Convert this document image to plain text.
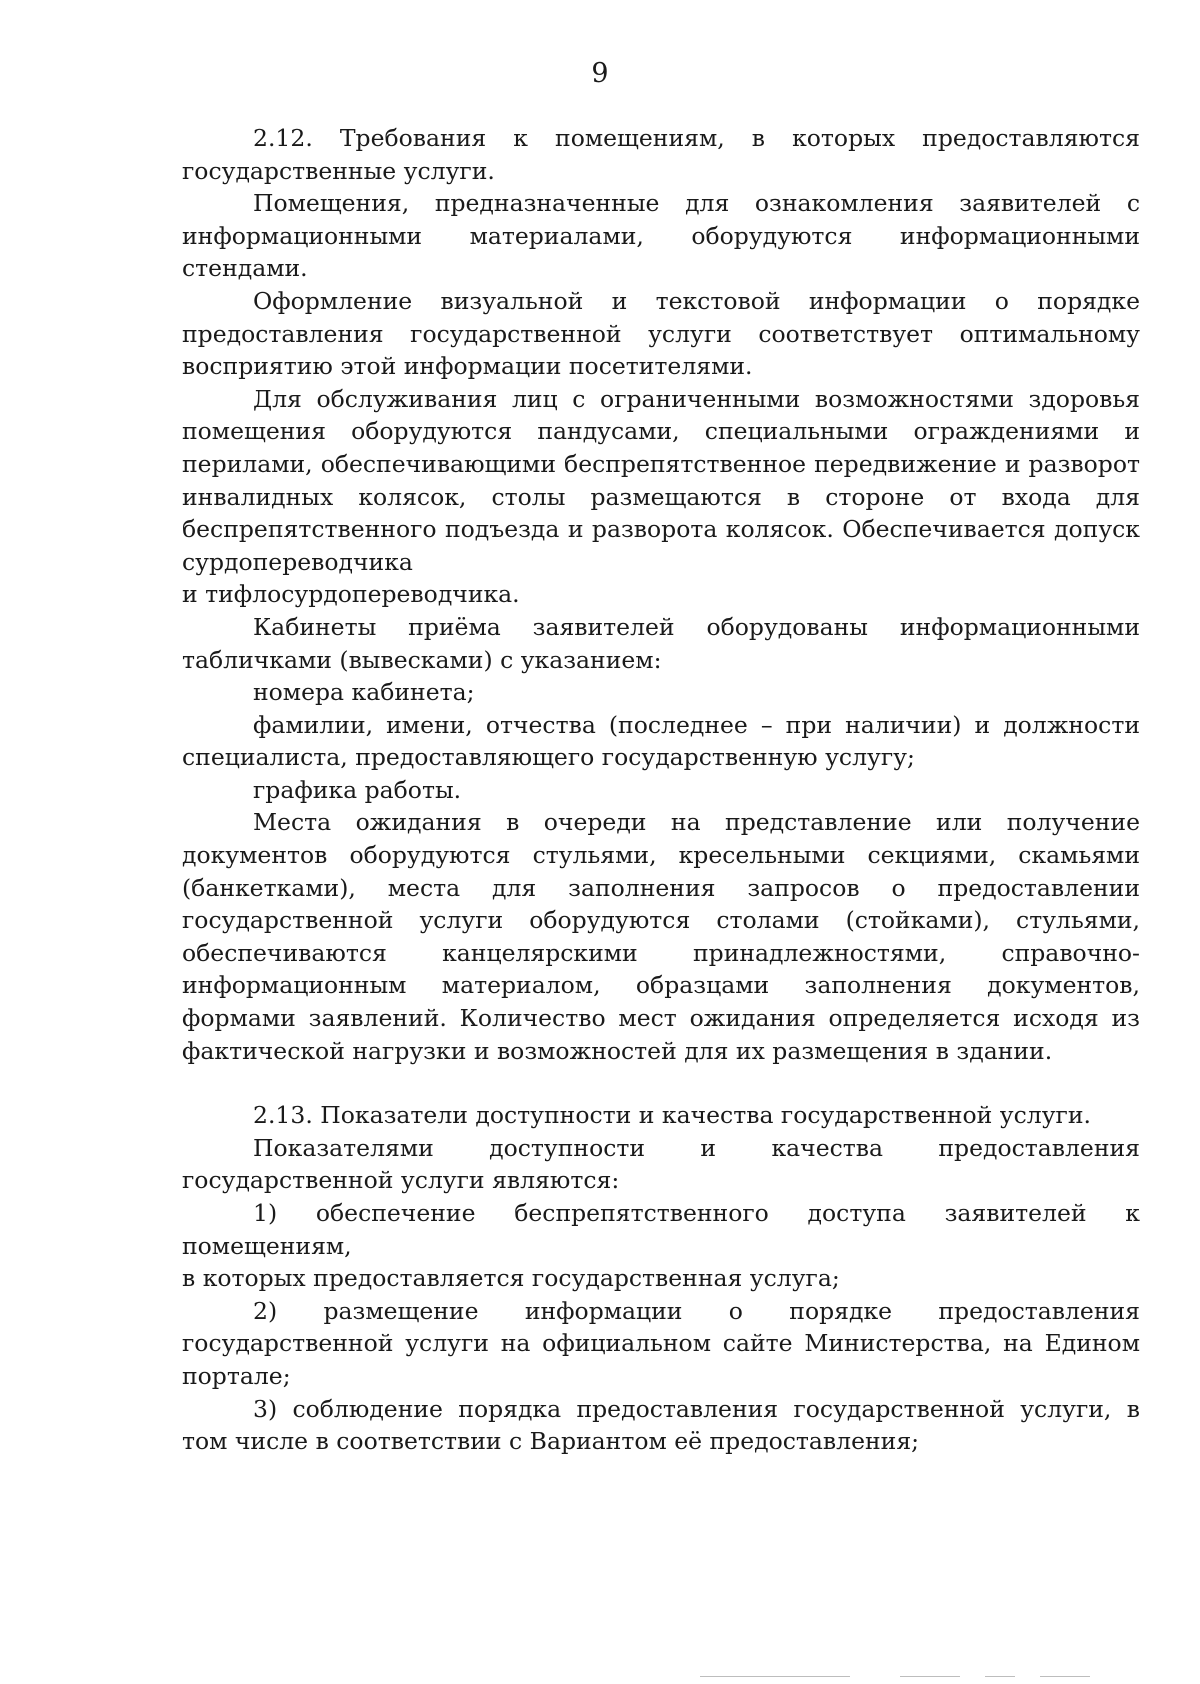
9

2.12. Требования к помещениям, в которых предоставляются государственные услуги.

Помещения, предназначенные для ознакомления заявителей с информационными материалами, оборудуются информационными стендами.

Оформление визуальной и текстовой информации о порядке предоставления государственной услуги соответствует оптимальному восприятию этой информации посетителями.

Для обслуживания лиц с ограниченными возможностями здоровья помещения оборудуются пандусами, специальными ограждениями и перилами, обеспечивающими беспрепятственное передвижение и разворот инвалидных колясок, столы размещаются в стороне от входа для беспрепятственного подъезда и разворота колясок. Обеспечивается допуск сурдопереводчика

и тифлосурдопереводчика.

Кабинеты приёма заявителей оборудованы информационными табличками (вывесками) с указанием:

номера кабинета;

фамилии, имени, отчества (последнее – при наличии) и должности специалиста, предоставляющего государственную услугу;

графика работы.

Места ожидания в очереди на представление или получение документов оборудуются стульями, кресельными секциями, скамьями (банкетками), места для заполнения запросов о предоставлении государственной услуги оборудуются столами (стойками), стульями, обеспечиваются канцелярскими принадлежностями, справочно-информационным материалом, образцами заполнения документов, формами заявлений. Количество мест ожидания определяется исходя из фактической нагрузки и возможностей для их размещения в здании.

2.13. Показатели доступности и качества государственной услуги.

Показателями доступности и качества предоставления государственной услуги являются:

1) обеспечение беспрепятственного доступа заявителей к помещениям,

в которых предоставляется государственная услуга;

2) размещение информации о порядке предоставления государственной услуги на официальном сайте Министерства, на Едином портале;

3) соблюдение порядка предоставления государственной услуги, в том числе в соответствии с Вариантом её предоставления;
